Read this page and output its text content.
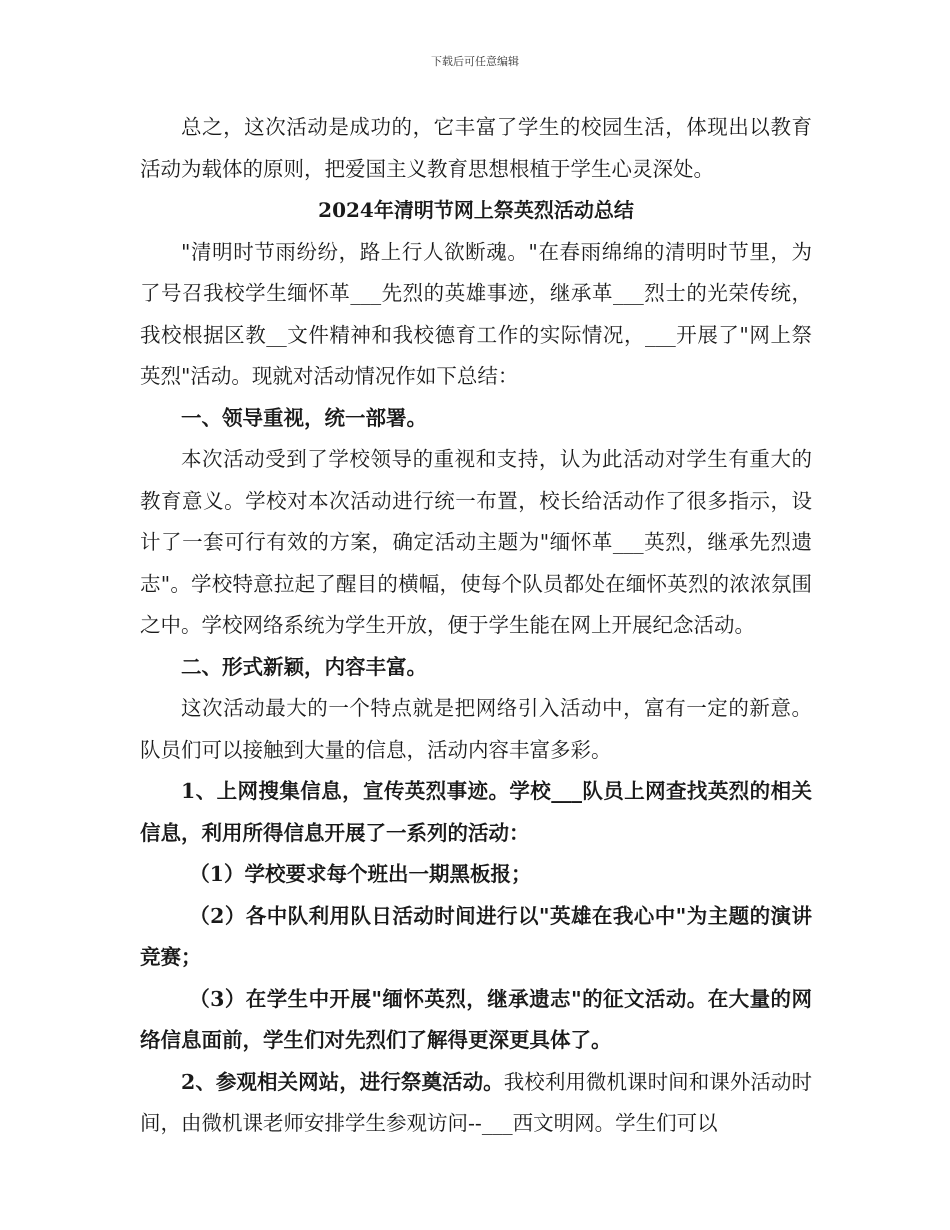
下载后可任意编辑

总之，这次活动是成功的，它丰富了学生的校园生活，体现出以教育活动为载体的原则，把爱国主义教育思想根植于学生心灵深处。

2024年清明节网上祭英烈活动总结

"清明时节雨纷纷，路上行人欲断魂。"在春雨绵绵的清明时节里，为了号召我校学生缅怀革___先烈的英雄事迹，继承革___烈士的光荣传统，我校根据区教__文件精神和我校德育工作的实际情况，___开展了"网上祭英烈"活动。现就对活动情况作如下总结：

一、领导重视，统一部署。

本次活动受到了学校领导的重视和支持，认为此活动对学生有重大的教育意义。学校对本次活动进行统一布置，校长给活动作了很多指示，设计了一套可行有效的方案，确定活动主题为"缅怀革___英烈，继承先烈遗志"。学校特意拉起了醒目的横幅，使每个队员都处在缅怀英烈的浓浓氛围之中。学校网络系统为学生开放，便于学生能在网上开展纪念活动。

二、形式新颖，内容丰富。

这次活动最大的一个特点就是把网络引入活动中，富有一定的新意。队员们可以接触到大量的信息，活动内容丰富多彩。

1、上网搜集信息，宣传英烈事迹。学校___队员上网查找英烈的相关信息，利用所得信息开展了一系列的活动：

（1）学校要求每个班出一期黑板报；

（2）各中队利用队日活动时间进行以"英雄在我心中"为主题的演讲竞赛；

（3）在学生中开展"缅怀英烈，继承遗志"的征文活动。在大量的网络信息面前，学生们对先烈们了解得更深更具体了。

2、参观相关网站，进行祭奠活动。我校利用微机课时间和课外活动时间，由微机课老师安排学生参观访问--___西文明网。学生们可以
